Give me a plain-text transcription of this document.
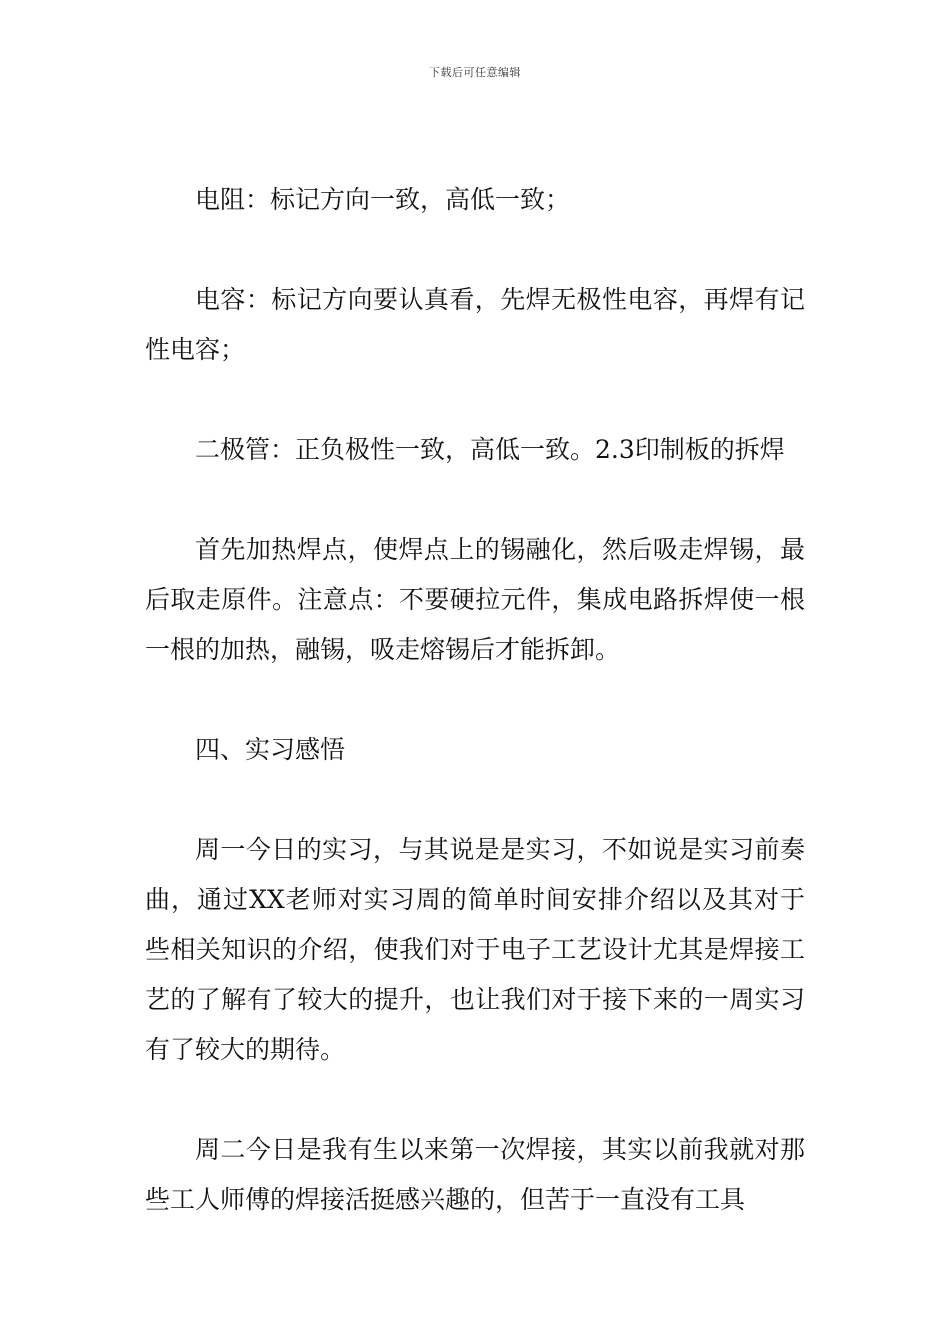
下载后可任意编辑

电阻：标记方向一致，高低一致；

电容：标记方向要认真看，先焊无极性电容，再焊有记性电容；

二极管：正负极性一致，高低一致。2.3印制板的拆焊

首先加热焊点，使焊点上的锡融化，然后吸走焊锡，最后取走原件。注意点：不要硬拉元件，集成电路拆焊使一根一根的加热，融锡，吸走熔锡后才能拆卸。

四、实习感悟

周一今日的实习，与其说是是实习，不如说是实习前奏曲，通过XX老师对实习周的简单时间安排介绍以及其对于些相关知识的介绍，使我们对于电子工艺设计尤其是焊接工艺的了解有了较大的提升，也让我们对于接下来的一周实习有了较大的期待。

周二今日是我有生以来第一次焊接，其实以前我就对那些工人师傅的焊接活挺感兴趣的，但苦于一直没有工具
